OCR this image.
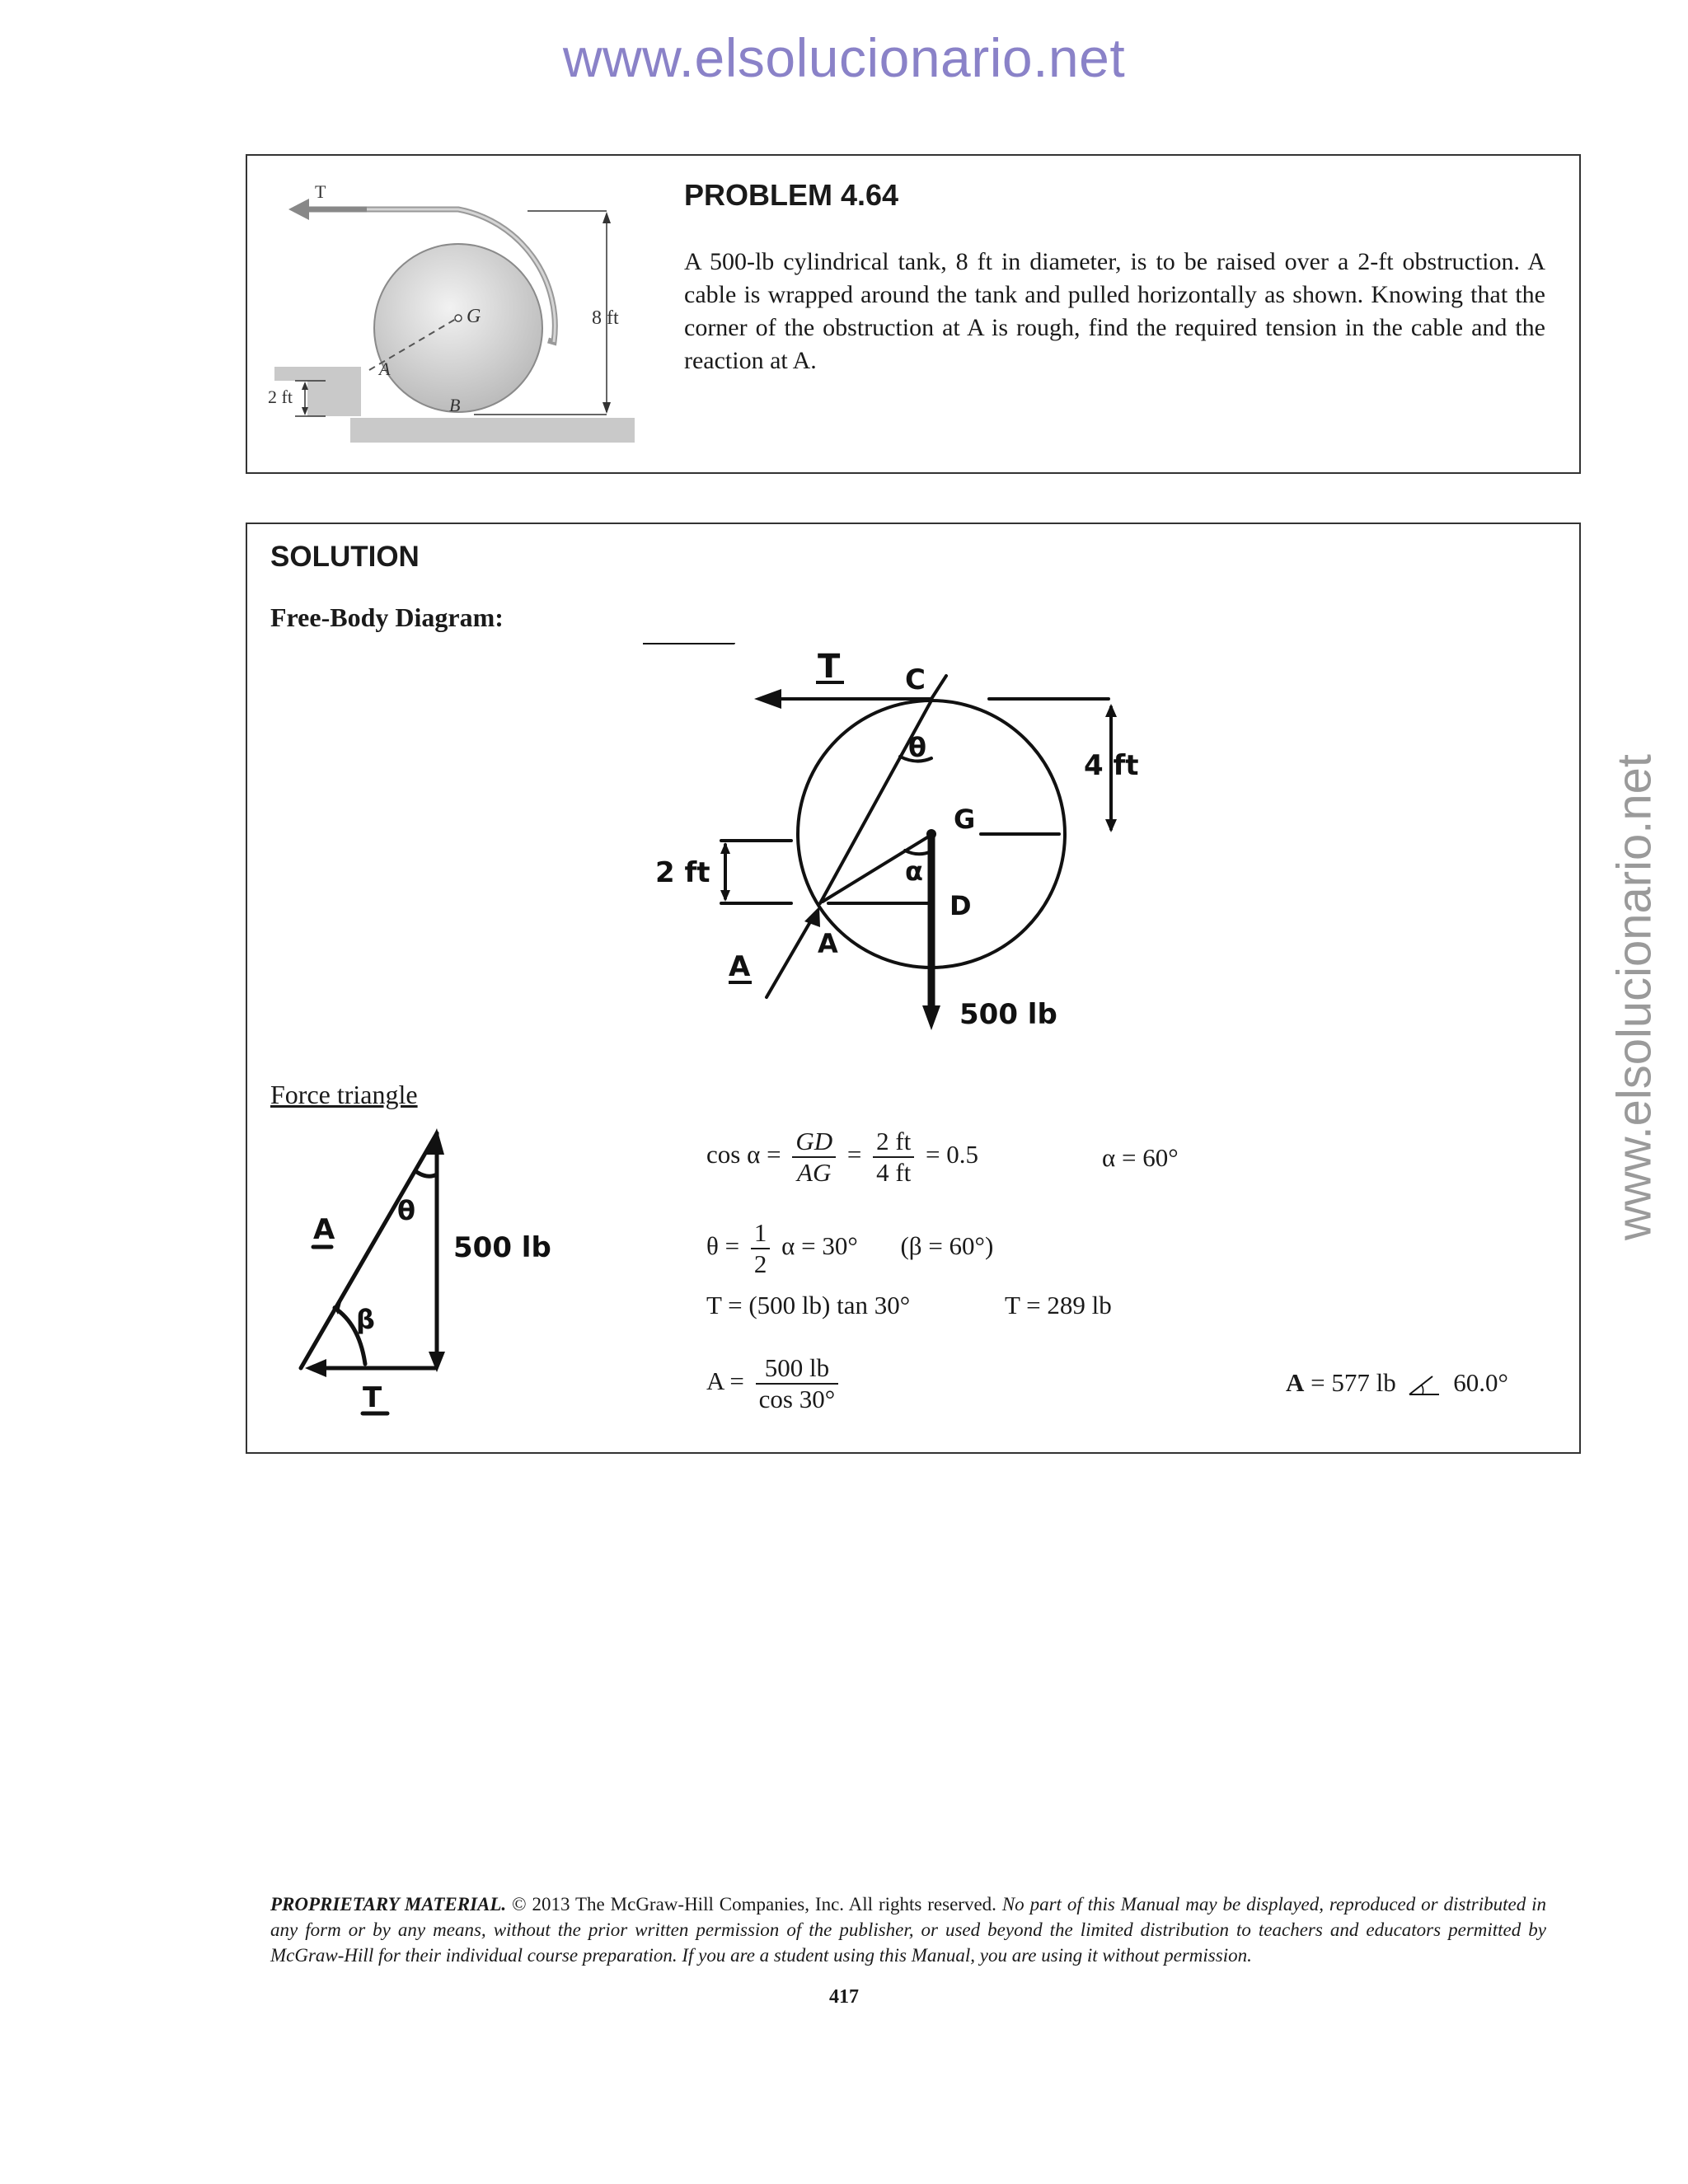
www.elsolucionario.net
www.elsolucionario.net
T
G
A
B
8 ft
2 ft
PROBLEM 4.64
A 500-lb cylindrical tank, 8 ft in diameter, is to be raised over a 2-ft obstruction. A cable is wrapped around the tank and pulled horizontally as shown. Knowing that the corner of the obstruction at A is rough, find the required tension in the cable and the reaction at A.
SOLUTION
Free-Body Diagram:
T C
θ
G
4 ft
2 ft	α
D
A
A
500 lb
Force triangle
A
θ
500 lb
β
T
$\cos \alpha = \frac{GD}{AG} = \frac{2 ft}{4 ft} = 0.5$	α = 60°
$\theta = \frac{1}{2}$ α = 30° (β = 60°)
T = (500 lb) tan 30°	T = 289 lb
$A = \frac{500 lb}{\cos 30^\circ}$	A = 577 lb 60.0°
PROPRIETARY MATERIAL. © 2013 The McGraw-Hill Companies, Inc. All rights reserved. No part of this Manual may be displayed, reproduced or distributed in any form or by any means, without the prior written permission of the publisher, or used beyond the limited distribution to teachers and educators permitted by McGraw-Hill for their individual course preparation. If you are a student using this Manual, you are using it without permission.
417
